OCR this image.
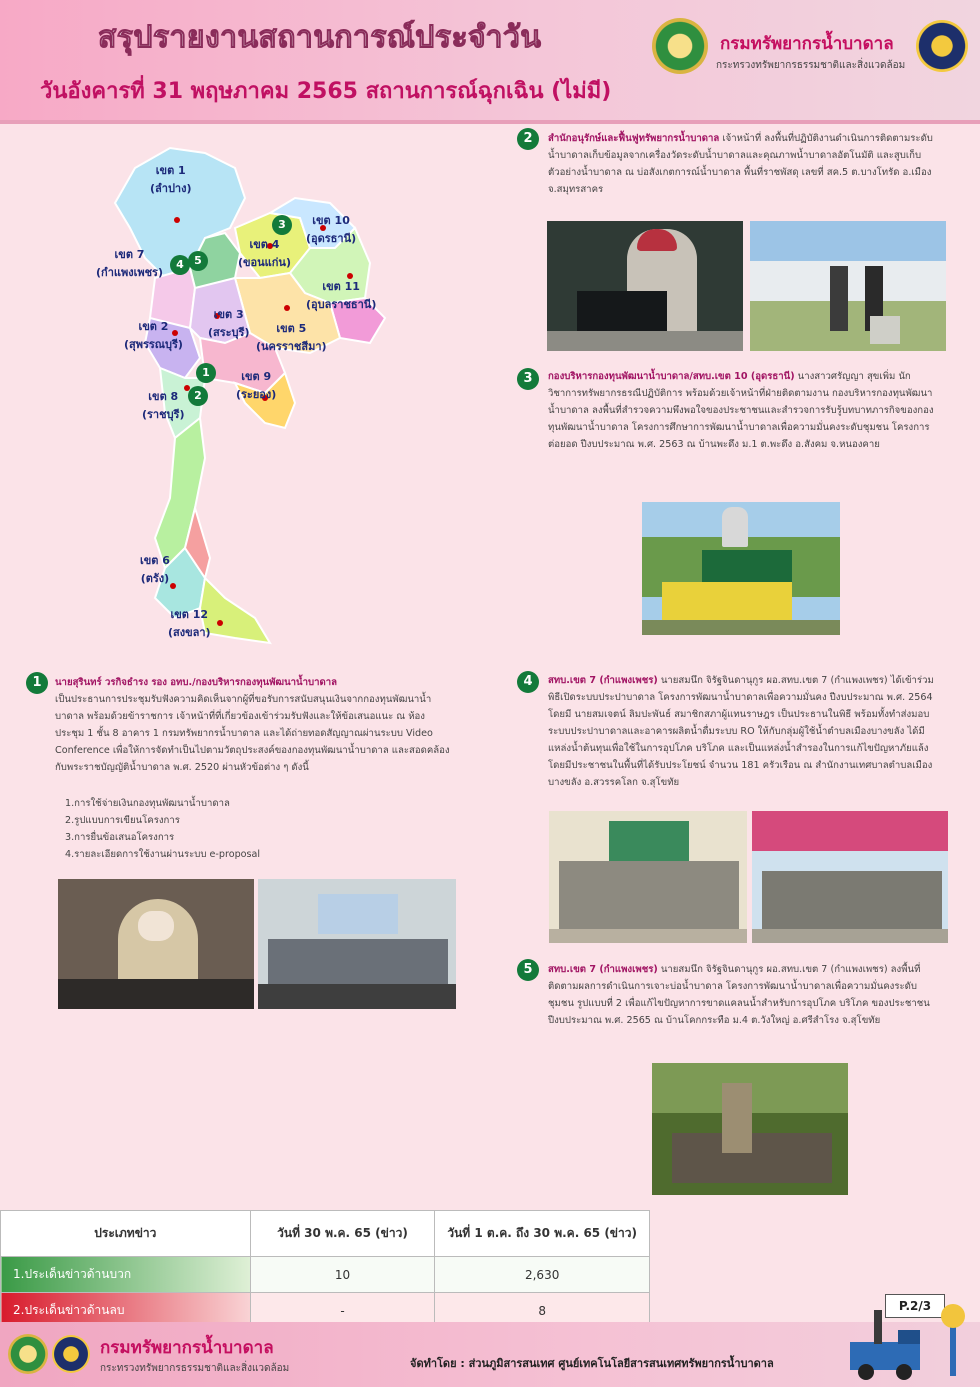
สรุปรายงานสถานการณ์ประจำวัน
วันอังคารที่ 31 พฤษภาคม 2565 สถานการณ์ฉุกเฉิน (ไม่มี)
กรมทรัพยากรน้ำบาดาล
กระทรวงทรัพยากรธรรมชาติและสิ่งแวดล้อม
เขต 1
(ลำปาง)
เขต 2
(สุพรรณบุรี)
เขต 3
(สระบุรี)
เขต 4
(ขอนแก่น)
เขต 5
(นครราชสีมา)
เขต 6
(ตรัง)
เขต 7
(กำแพงเพชร)
เขต 8
(ราชบุรี)
เขต 9
(ระยอง)
เขต 10
(อุดรธานี)
เขต 11
(อุบลราชธานี)
เขต 12
(สงขลา)
3
4 5
1
2
2	สำนักอนุรักษ์และฟื้นฟูทรัพยากรน้ำบาดาล เจ้าหน้าที่ ลงพื้นที่ปฏิบัติงานดำเนินการติดตามระดับน้ำบาดาลเก็บข้อมูลจากเครื่องวัดระดับน้ำบาดาลและคุณภาพน้ำบาดาลอัตโนมัติ และสูบเก็บตัวอย่างน้ำบาดาล ณ บ่อสังเกตการณ์น้ำบาดาล พื้นที่ราชพัสดุ เลขที่ สค.5 ต.บางโทรัด อ.เมือง จ.สมุทรสาคร
3	กองบริหารกองทุนพัฒนาน้ำบาดาล/สทบ.เขต 10 (อุดรธานี) นางสาวศรัญญา สุขเพิ่ม นักวิชาการทรัพยากรธรณีปฏิบัติการ พร้อมด้วยเจ้าหน้าที่ฝ่ายติดตามงาน กองบริหารกองทุนพัฒนาน้ำบาดาล ลงพื้นที่สำรวจความพึงพอใจของประชาชนและสำรวจการรับรู้บทบาทภารกิจของกองทุนพัฒนาน้ำบาดาล โครงการศึกษาการพัฒนาน้ำบาดาลเพื่อความมั่นคงระดับชุมชน โครงการต่อยอด ปีงบประมาณ พ.ศ. 2563 ณ บ้านพะดึง ม.1 ต.พะดึง อ.สังคม จ.หนองคาย
1	นายสุรินทร์ วรกิจธำรง รอง อทบ./กองบริหารกองทุนพัฒนาน้ำบาดาล
เป็นประธานการประชุมรับฟังความคิดเห็นจากผู้ที่ขอรับการสนับสนุนเงินจากกองทุนพัฒนาน้ำบาดาล พร้อมด้วยข้าราชการ เจ้าหน้าที่ที่เกี่ยวข้องเข้าร่วมรับฟังและให้ข้อเสนอแนะ ณ ห้องประชุม 1 ชั้น 8 อาคาร 1 กรมทรัพยากรน้ำบาดาล และได้ถ่ายทอดสัญญาณผ่านระบบ Video Conference เพื่อให้การจัดทำเป็นไปตามวัตถุประสงค์ของกองทุนพัฒนาน้ำบาดาล และสอดคล้องกับพระราชบัญญัติน้ำบาดาล พ.ศ. 2520 ผ่านหัวข้อต่าง ๆ ดังนี้
1.การใช้จ่ายเงินกองทุนพัฒนาน้ำบาดาล
2.รูปแบบการเขียนโครงการ
3.การยื่นข้อเสนอโครงการ
4.รายละเอียดการใช้งานผ่านระบบ e-proposal
4	สทบ.เขต 7 (กำแพงเพชร) นายสมนึก จิรัฐจินดานุกูร ผอ.สทบ.เขต 7 (กำแพงเพชร) ได้เข้าร่วมพิธีเปิดระบบประปาบาดาล โครงการพัฒนาน้ำบาดาลเพื่อความมั่นคง ปีงบประมาณ พ.ศ. 2564 โดยมี นายสมเจตน์ ลิมปะพันธ์ สมาชิกสภาผู้แทนราษฎร เป็นประธานในพิธี พร้อมทั้งทำส่งมอบระบบประปาบาดาลและอาคารผลิตน้ำดื่มระบบ RO ให้กับกลุ่มผู้ใช้น้ำตำบลเมืองบางขลัง ได้มีแหล่งน้ำต้นทุนเพื่อใช้ในการอุปโภค บริโภค และเป็นแหล่งน้ำสำรองในการแก้ไขปัญหาภัยแล้ง โดยมีประชาชนในพื้นที่ได้รับประโยชน์ จำนวน 181 ครัวเรือน ณ สำนักงานเทศบาลตำบลเมืองบางขลัง อ.สวรรคโลก จ.สุโขทัย
5	สทบ.เขต 7 (กำแพงเพชร) นายสมนึก จิรัฐจินดานุกูร ผอ.สทบ.เขต 7 (กำแพงเพชร) ลงพื้นที่ติดตามผลการดำเนินการเจาะบ่อน้ำบาดาล โครงการพัฒนาน้ำบาดาลเพื่อความมั่นคงระดับชุมชน รูปแบบที่ 2 เพื่อแก้ไขปัญหาการขาดแคลนน้ำสำหรับการอุปโภค บริโภค ของประชาชน ปีงบประมาณ พ.ศ. 2565 ณ บ้านโคกกระทือ ม.4 ต.วังใหญ่ อ.ศรีสำโรง จ.สุโขทัย
ประเภทข่าว	วันที่ 30 พ.ค. 65 (ข่าว)	วันที่ 1 ต.ค. ถึง 30 พ.ค. 65 (ข่าว)
1.ประเด็นข่าวด้านบวก	10	2,630
2.ประเด็นข่าวด้านลบ	-	8	P.2/3
กรมทรัพยากรน้ำบาดาล
กระทรวงทรัพยากรธรรมชาติและสิ่งแวดล้อม	จัดทำโดย : ส่วนภูมิสารสนเทศ ศูนย์เทคโนโลยีสารสนเทศทรัพยากรน้ำบาดาล
